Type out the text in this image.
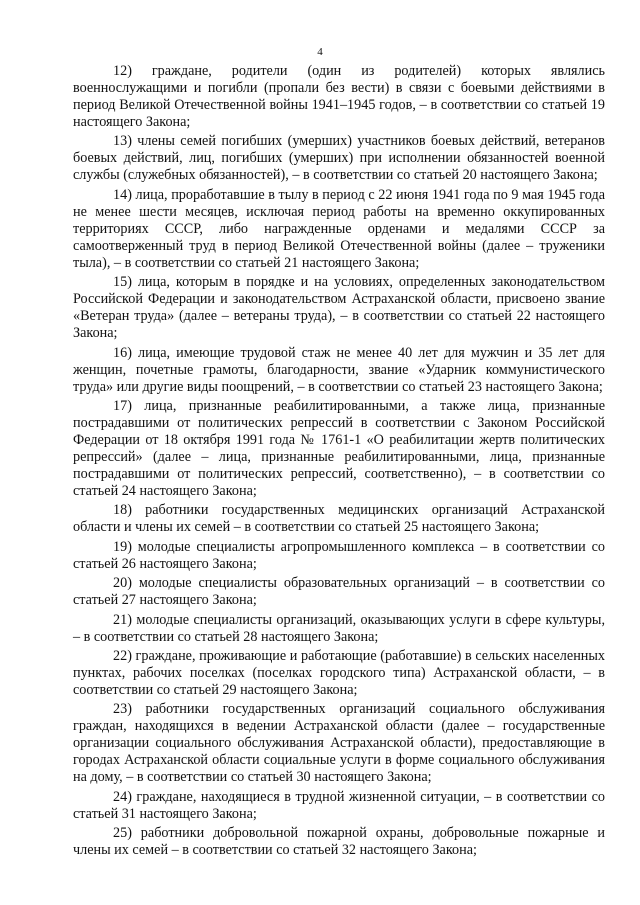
4

12) граждане, родители (один из родителей) которых являлись военнослужащими и погибли (пропали без вести) в связи с боевыми действиями в период Великой Отечественной войны 1941–1945 годов, – в соответствии со статьей 19 настоящего Закона;

13) члены семей погибших (умерших) участников боевых действий, ветеранов боевых действий, лиц, погибших (умерших) при исполнении обязанностей военной службы (служебных обязанностей), – в соответствии со статьей 20 настоящего Закона;

14) лица, проработавшие в тылу в период с 22 июня 1941 года по 9 мая 1945 года не менее шести месяцев, исключая период работы на временно оккупированных территориях СССР, либо награжденные орденами и медалями СССР за самоотверженный труд в период Великой Отечественной войны (далее – труженики тыла), – в соответствии со статьей 21 настоящего Закона;

15) лица, которым в порядке и на условиях, определенных законодательством Российской Федерации и законодательством Астраханской области, присвоено звание «Ветеран труда» (далее – ветераны труда), – в соответствии со статьей 22 настоящего Закона;

16) лица, имеющие трудовой стаж не менее 40 лет для мужчин и 35 лет для женщин, почетные грамоты, благодарности, звание «Ударник коммунистического труда» или другие виды поощрений, – в соответствии со статьей 23 настоящего Закона;

17) лица, признанные реабилитированными, а также лица, признанные пострадавшими от политических репрессий в соответствии с Законом Российской Федерации от 18 октября 1991 года № 1761-1 «О реабилитации жертв политических репрессий» (далее – лица, признанные реабилитированными, лица, признанные пострадавшими от политических репрессий, соответственно), – в соответствии со статьей 24 настоящего Закона;

18) работники государственных медицинских организаций Астраханской области и члены их семей – в соответствии со статьей 25 настоящего Закона;

19) молодые специалисты агропромышленного комплекса – в соответствии со статьей 26 настоящего Закона;

20) молодые специалисты образовательных организаций – в соответствии со статьей 27 настоящего Закона;

21) молодые специалисты организаций, оказывающих услуги в сфере культуры, – в соответствии со статьей 28 настоящего Закона;

22) граждане, проживающие и работающие (работавшие) в сельских населенных пунктах, рабочих поселках (поселках городского типа) Астраханской области, – в соответствии со статьей 29 настоящего Закона;

23) работники государственных организаций социального обслуживания граждан, находящихся в ведении Астраханской области (далее – государственные организации социального обслуживания Астраханской области), предоставляющие в городах Астраханской области социальные услуги в форме социального обслуживания на дому, – в соответствии со статьей 30 настоящего Закона;

24) граждане, находящиеся в трудной жизненной ситуации, – в соответствии со статьей 31 настоящего Закона;

25) работники добровольной пожарной охраны, добровольные пожарные и члены их семей – в соответствии со статьей 32 настоящего Закона;
